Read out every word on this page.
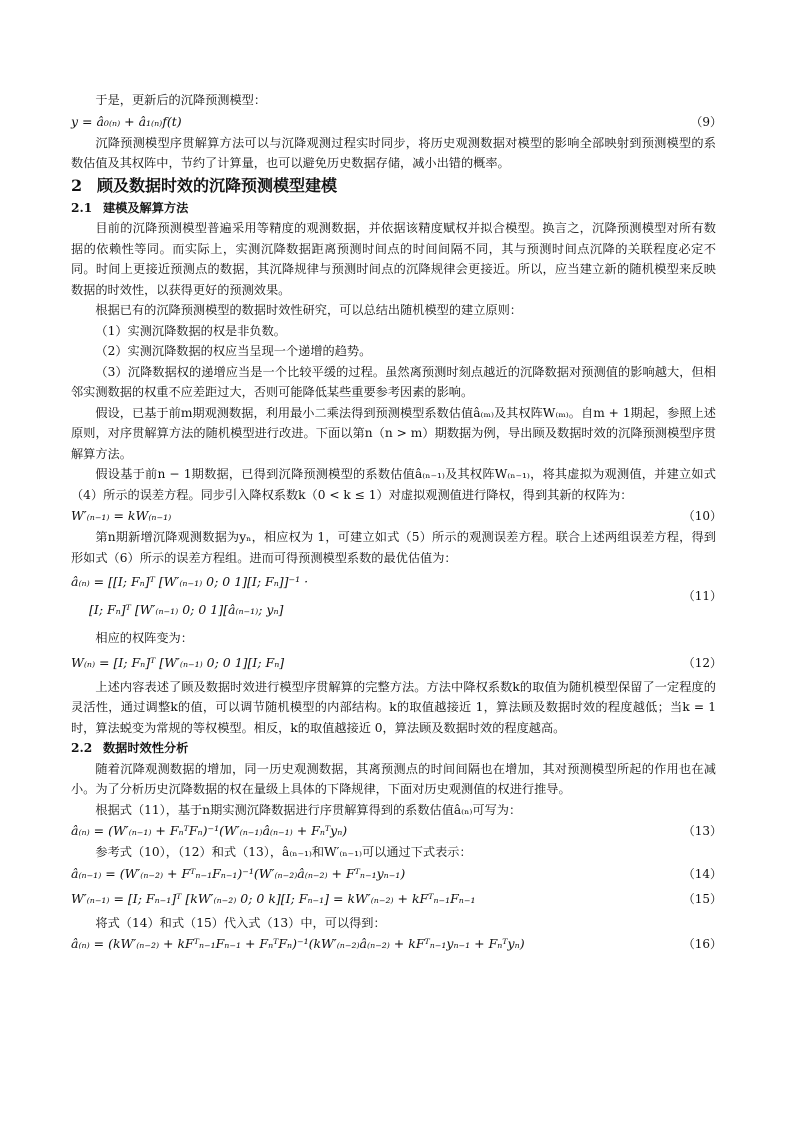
于是，更新后的沉降预测模型：

y = â₀₍ₙ₎ + â₁₍ₙ₎f(t)	（9）

沉降预测模型序贯解算方法可以与沉降观测过程实时同步，将历史观测数据对模型的影响全部映射到预测模型的系数估值及其权阵中，节约了计算量，也可以避免历史数据存储，减小出错的概率。

2 顾及数据时效的沉降预测模型建模
2.1 建模及解算方法

目前的沉降预测模型普遍采用等精度的观测数据，并依据该精度赋权并拟合模型。换言之，沉降预测模型对所有数据的依赖性等同。而实际上，实测沉降数据距离预测时间点的时间间隔不同，其与预测时间点沉降的关联程度必定不同。时间上更接近预测点的数据，其沉降规律与预测时间点的沉降规律会更接近。所以，应当建立新的随机模型来反映数据的时效性，以获得更好的预测效果。

根据已有的沉降预测模型的数据时效性研究，可以总结出随机模型的建立原则：

（1）实测沉降数据的权是非负数。

（2）实测沉降数据的权应当呈现一个递增的趋势。

（3）沉降数据权的递增应当是一个比较平缓的过程。虽然离预测时刻点越近的沉降数据对预测值的影响越大，但相邻实测数据的权重不应差距过大，否则可能降低某些重要参考因素的影响。

假设，已基于前m期观测数据，利用最小二乘法得到预测模型系数估值â₍ₘ₎及其权阵W₍ₘ₎。自m + 1期起，参照上述原则，对序贯解算方法的随机模型进行改进。下面以第n（n > m）期数据为例，导出顾及数据时效的沉降预测模型序贯解算方法。

假设基于前n − 1期数据，已得到沉降预测模型的系数估值â₍ₙ₋₁₎及其权阵W₍ₙ₋₁₎，将其虚拟为观测值，并建立如式（4）所示的误差方程。同步引入降权系数k（0 < k ≤ 1）对虚拟观测值进行降权，得到其新的权阵为：

W′₍ₙ₋₁₎ = kW₍ₙ₋₁₎	（10）

第n期新增沉降观测数据为yₙ，相应权为 1，可建立如式（5）所示的观测误差方程。联合上述两组误差方程，得到形如式（6）所示的误差方程组。进而可得预测模型系数的最优估值为：

â₍ₙ₎ = [[I; Fₙ]ᵀ [W′₍ₙ₋₁₎ 0; 0 1][I; Fₙ]]⁻¹ ·
[I; Fₙ]ᵀ [W′₍ₙ₋₁₎ 0; 0 1][â₍ₙ₋₁₎; yₙ]
（11）

相应的权阵变为：

W₍ₙ₎ = [I; Fₙ]ᵀ [W′₍ₙ₋₁₎ 0; 0 1][I; Fₙ]	（12）

上述内容表述了顾及数据时效进行模型序贯解算的完整方法。方法中降权系数k的取值为随机模型保留了一定程度的灵活性，通过调整k的值，可以调节随机模型的内部结构。k的取值越接近 1，算法顾及数据时效的程度越低；当k = 1时，算法蜕变为常规的等权模型。相反，k的取值越接近 0，算法顾及数据时效的程度越高。

2.2 数据时效性分析

随着沉降观测数据的增加，同一历史观测数据，其离预测点的时间间隔也在增加，其对预测模型所起的作用也在减小。为了分析历史沉降数据的权在量级上具体的下降规律，下面对历史观测值的权进行推导。

根据式（11），基于n期实测沉降数据进行序贯解算得到的系数估值â₍ₙ₎可写为：

â₍ₙ₎ = (W′₍ₙ₋₁₎ + FₙᵀFₙ)⁻¹(W′₍ₙ₋₁₎â₍ₙ₋₁₎ + Fₙᵀyₙ)	（13）

参考式（10），（12）和式（13），â₍ₙ₋₁₎和W′₍ₙ₋₁₎可以通过下式表示：

â₍ₙ₋₁₎ = (W′₍ₙ₋₂₎ + Fᵀₙ₋₁Fₙ₋₁)⁻¹(W′₍ₙ₋₂₎â₍ₙ₋₂₎ + Fᵀₙ₋₁yₙ₋₁)	（14）
W′₍ₙ₋₁₎ = [I; Fₙ₋₁]ᵀ [kW′₍ₙ₋₂₎ 0; 0 k][I; Fₙ₋₁] = kW′₍ₙ₋₂₎ + kFᵀₙ₋₁Fₙ₋₁	（15）

将式（14）和式（15）代入式（13）中，可以得到：

â₍ₙ₎ = (kW′₍ₙ₋₂₎ + kFᵀₙ₋₁Fₙ₋₁ + FₙᵀFₙ)⁻¹(kW′₍ₙ₋₂₎â₍ₙ₋₂₎ + kFᵀₙ₋₁yₙ₋₁ + Fₙᵀyₙ)	（16）
